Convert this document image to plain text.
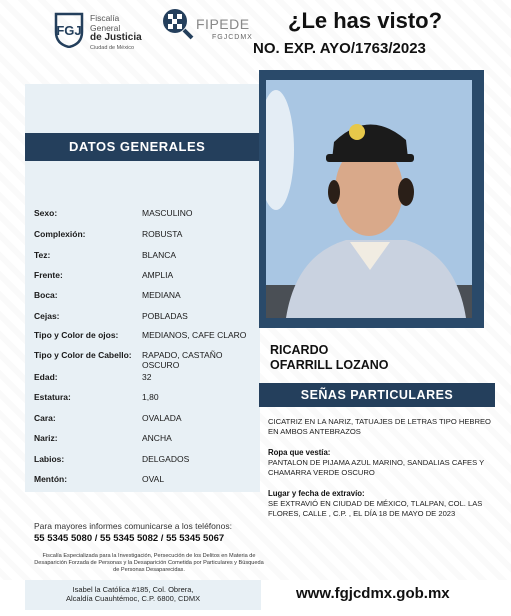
FGJ
Fiscalía
General
de Justicia
Ciudad de México
FIPEDE
FGJCDMX
¿Le has visto?
NO. EXP. AYO/1763/2023
DATOS GENERALES
Sexo:	MASCULINO
Complexión:	ROBUSTA
Tez:	BLANCA
Frente:	AMPLIA
Boca:	MEDIANA
Cejas:	POBLADAS
Tipo y Color de ojos:	MEDIANOS, CAFE CLARO
Tipo y Color de Cabello: RAPADO, CASTAÑO OSCURO
Edad:	32
Estatura:	1,80
Cara:	OVALADA
Nariz:	ANCHA
Labios:	DELGADOS
Mentón:	OVAL
RICARDO
OFARRILL LOZANO
SEÑAS PARTICULARES
CICATRIZ EN LA NARIZ, TATUAJES DE LETRAS TIPO HEBREO EN AMBOS ANTEBRAZOS
Ropa que vestía:
PANTALON DE PIJAMA AZUL MARINO, SANDALIAS CAFES Y CHAMARRA VERDE OSCURO
Lugar y fecha de extravío:
SE EXTRAVIÓ EN CIUDAD DE MÉXICO, TLALPAN, COL. LAS FLORES, CALLE , C.P. , EL DÍA 18 DE MAYO DE 2023
Para mayores informes comunicarse a los teléfonos:
55 5345 5080 / 55 5345 5082 / 55 5345 5067
Fiscalía Especializada para la Investigación, Persecución de los Delitos en Materia de Desaparición Forzada de Personas y la Desaparición Cometida por Particulares y Búsqueda de Personas Desaparecidas.
Isabel la Católica #185, Col. Obrera,
Alcaldía Cuauhtémoc, C.P. 6800, CDMX	www.fgjcdmx.gob.mx
